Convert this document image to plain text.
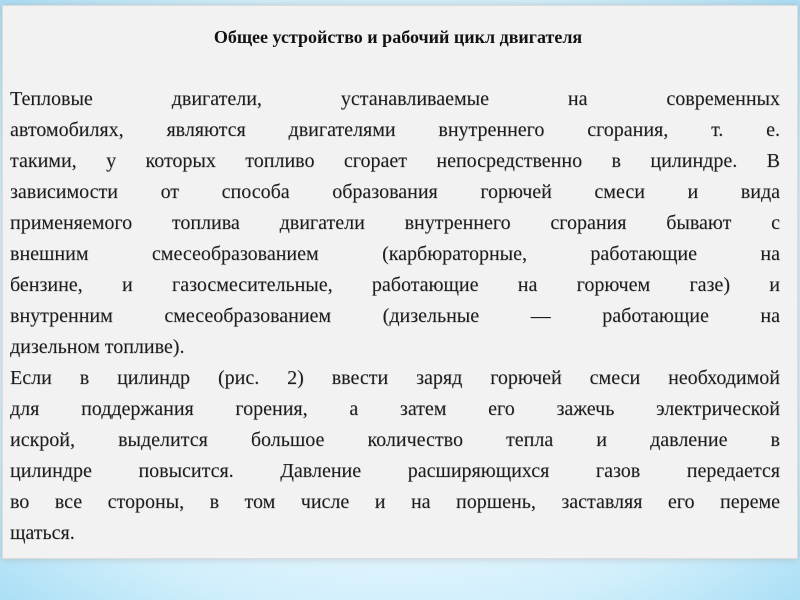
Общее устройство и рабочий цикл двигателя
Тепловые двигатели, устанавливаемые на современных
автомобилях, являются двигателями внутреннего сгорания, т. е.
такими, у которых топливо сгорает непосредственно в цилиндре. В
зависимости от способа образования горючей смеси и вида
применяемого топлива двигатели внутреннего сгорания бывают с
внешним смесеобразованием (карбюраторные, работающие на
бензине, и газосмесительные, работающие на горючем газе) и
внутренним смесеобразованием (дизельные — работающие на
дизельном топливе).
Если в цилиндр (рис. 2) ввести заряд горючей смеси необходимой
для поддержания горения, а затем его зажечь электрической
искрой, выделится большое количество тепла и давление в
цилиндре повысится. Давление расширяющихся газов передается
во все стороны, в том числе и на поршень, заставляя его переме
щаться.
